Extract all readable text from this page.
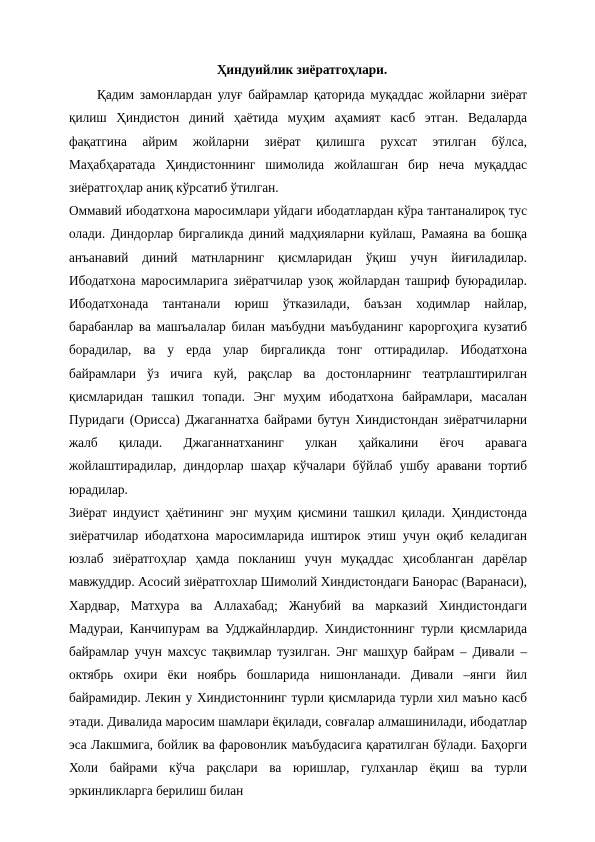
Ҳиндуийлик зиёратгоҳлари.

Қадим замонлардан улуғ байрамлар қаторида муқаддас жойларни зиёрат қилиш Ҳиндистон диний ҳаётида муҳим аҳамият касб этган. Ведаларда фақатгина айрим жойларни зиёрат қилишга рухсат этилган бўлса, Маҳабҳаратада Ҳиндистоннинг шимолида жойлашган бир неча муқаддас зиёратгоҳлар аниқ кўрсатиб ўтилган.

Оммавий ибодатхона маросимлари уйдаги ибодатлардан кўра тантаналироқ тус олади. Диндорлар биргаликда диний мадҳияларни куйлаш, Рамаяна ва бошқа анъанавий диний матнларнинг қисмларидан ўқиш учун йиғиладилар. Ибодатхона маросимларига зиёратчилар узоқ жойлардан ташриф буюрадилар. Ибодатхонада тантанали юриш ўтказилади, баъзан ходимлар найлар, барабанлар ва машъалалар билан маъбудни маъбуданинг кароргоҳига кузатиб борадилар, ва у ерда улар биргаликда тонг оттирадилар. Ибодатхона байрамлари ўз ичига куй, рақслар ва достонларнинг театрлаштирилган қисмларидан ташкил топади. Энг муҳим ибодатхона байрамлари, масалан Пуридаги (Орисса) Джаганнатха байрами бутун Хиндистондан зиёратчиларни жалб қилади. Джаганнатханинг улкан ҳайкалини ёғоч аравага жойлаштирадилар, диндорлар шаҳар кўчалари бўйлаб ушбу аравани тортиб юрадилар.

Зиёрат индуист ҳаётининг энг муҳим қисмини ташкил қилади. Ҳиндистонда зиёратчилар ибодатхона маросимларида иштирок этиш учун оқиб келадиган юзлаб зиёратгоҳлар ҳамда покланиш учун муқаддас ҳисобланган дарёлар мавжуддир. Асосий зиёратгохлар Шимолий Хиндистондаги Банорас (Варанаси), Хардвар, Матхура ва Аллахабад; Жанубий ва марказий Хиндистондаги Мадураи, Канчипурам ва Удджайнлардир. Хиндистоннинг турли қисмларида байрамлар учун махсус тақвимлар тузилган. Энг машҳур байрам – Дивали – октябрь охири ёки ноябрь бошларида нишонланади. Дивали –янги йил байрамидир. Лекин у Хиндистоннинг турли қисмларида турли хил маъно касб этади. Дивалида маросим шамлари ёқилади, совғалар алмашинилади, ибодатлар эса Лакшмига, бойлик ва фаровонлик маъбудасига қаратилган бўлади. Баҳорги Холи байрами кўча рақслари ва юришлар, гулханлар ёқиш ва турли эркинликларга берилиш билан
